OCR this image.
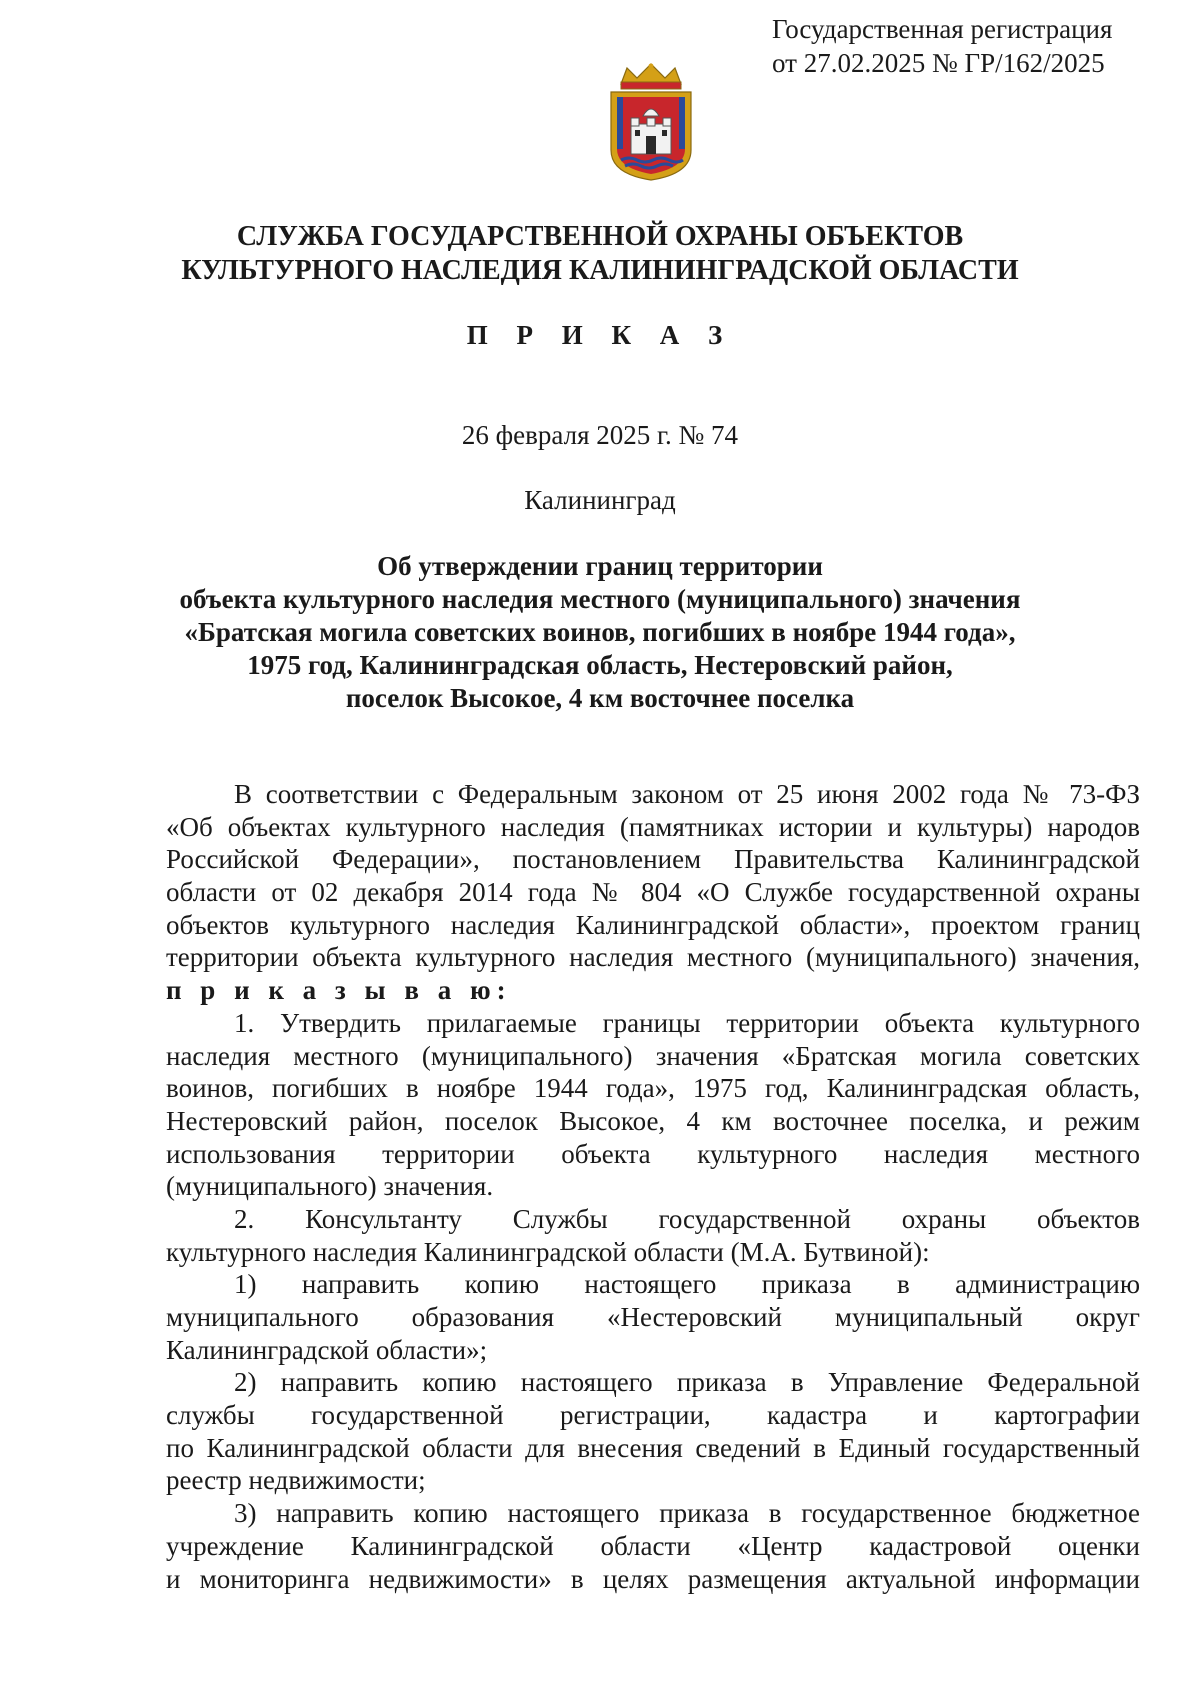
Государственная регистрация
от 27.02.2025 № ГР/162/2025
СЛУЖБА ГОСУДАРСТВЕННОЙ ОХРАНЫ ОБЪЕКТОВ
КУЛЬТУРНОГО НАСЛЕДИЯ КАЛИНИНГРАДСКОЙ ОБЛАСТИ
П Р И К А З
26 февраля 2025 г. № 74
Калининград
Об утверждении границ территории
объекта культурного наследия местного (муниципального) значения
«Братская могила советских воинов, погибших в ноябре 1944 года»,
1975 год, Калининградская область, Нестеровский район,
поселок Высокое, 4 км восточнее поселка
В соответствии с Федеральным законом от 25 июня 2002 года № 73-ФЗ
«Об объектах культурного наследия (памятниках истории и культуры) народов
Российской Федерации», постановлением Правительства Калининградской
области от 02 декабря 2014 года № 804 «О Службе государственной охраны
объектов культурного наследия Калининградской области», проектом границ
территории объекта культурного наследия местного (муниципального) значения,
п р и к а з ы в а ю:
1. Утвердить прилагаемые границы территории объекта культурного
наследия местного (муниципального) значения «Братская могила советских
воинов, погибших в ноябре 1944 года», 1975 год, Калининградская область,
Нестеровский район, поселок Высокое, 4 км восточнее поселка, и режим
использования территории объекта культурного наследия местного
(муниципального) значения.
2. Консультанту Службы государственной охраны объектов
культурного наследия Калининградской области (М.А. Бутвиной):
1) направить копию настоящего приказа в администрацию
муниципального образования «Нестеровский муниципальный округ
Калининградской области»;
2) направить копию настоящего приказа в Управление Федеральной
службы государственной регистрации, кадастра и картографии
по Калининградской области для внесения сведений в Единый государственный
реестр недвижимости;
3) направить копию настоящего приказа в государственное бюджетное
учреждение Калининградской области «Центр кадастровой оценки
и мониторинга недвижимости» в целях размещения актуальной информации
